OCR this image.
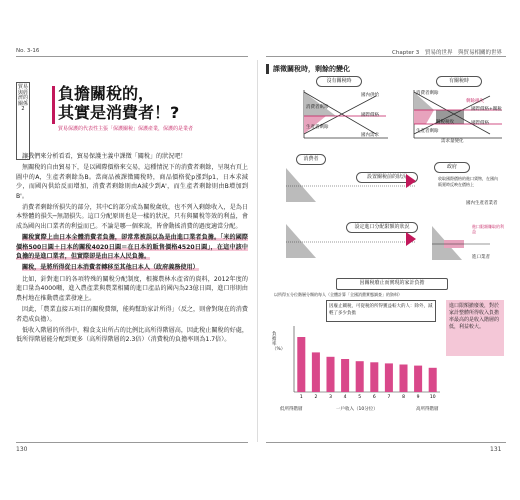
No. 3-16
貿易與經濟的關係 2
負擔關稅的，
其實是消費者！?
貿易保護的代表性主張「保護關稅」保護產業，保護的是業者

讓我們來分析看看，貿易保護主義中課徵「關稅」的狀況吧！

無關稅的自由貿易下，是以國際價格來交易，這種情況下的消費者剩餘，呈現右頁上圖中的A，生產者剩餘為B。當商品被課徵關稅時，商品價格從p漲到p1，日本求減少，而國內供給反而增加，消費者剩餘則由A減少到A'，而生產者剩餘則由B增加到B'。

消費者剩餘所損失的部分，其中C的部分成為關稅歲收，也不列入剩餘收入，是為日本整體的損失─無謂損失。這口分配原則也是一樣的狀況，只有與關稅等效的利益，會成為國內出口業者的利益而已。不論是哪一個來說，皆會動搖消費的過度適當分配。

關稅實際上由日本全體消費者負擔，卻常常被誤以為是由進口業者負擔。「米的國際價格500日圓＋日本的關稅4020日圓＝在日本的販售價格4520日圓」，在這中該中負擔的是進口業者，但實際卻是由日本人民負擔。

關稅，是將所得從日本消費者轉移至其他日本人（政府義務使用）

比如，針對進口的各項特殊的關稅分配制度，根據農林水產省的資料，2012年度的進口量為4000噸，進入農產業與農業相關的進口產品的國內為23億日圓，進口形則由農村地在推動農產業發達上。

因此，「農業直接五項目的關稅費額，能夠幫助家計所得」（反之，則會對現在的消費者造成負擔）。

低收入階層的所得中，糧食支出所占的比例比高所得階層高，因此稅止關稅的好處，低所得階層能分配到更多（高所得階層的2.3倍）（消費稅的負擔率則為1.7倍）。

130
Chapter 3 貿易的世界　與貿易相關的世界
課徵關稅時，剩餘的變化
沒有關稅時
國內供給
國際價格
消費者剩餘
生產者剩餘
國內需求
有關稅時
消費者剩餘
剩餘損失
關稅稅收
國際價格+關稅
國際價格
生產者剩餘
需求量變化
消費者
設置關稅前的狀況
政府
收取國際價格的進口貨物，在國內販賣時反映在價格上
國內生產者業者
設定進口分配限額的狀況	進口限額賺取的利益
進口業者
因關稅廢止而實現的家計負擔
以所得五分位階層分類的每人（全體計算「全國消費實態調查」的資料）
因廢止關稅，可從稅的所得獲益較大的人：除外，減輕了多少負擔
進口限額撤廢後，對於家計整體所得收入負擔率最高的是收入階層的低，利益較大。
1	2	3	4	5	6	7	8	9 10
負擔率（%）
一戶收入（10分位）
低所得階層	高所得階層
131
